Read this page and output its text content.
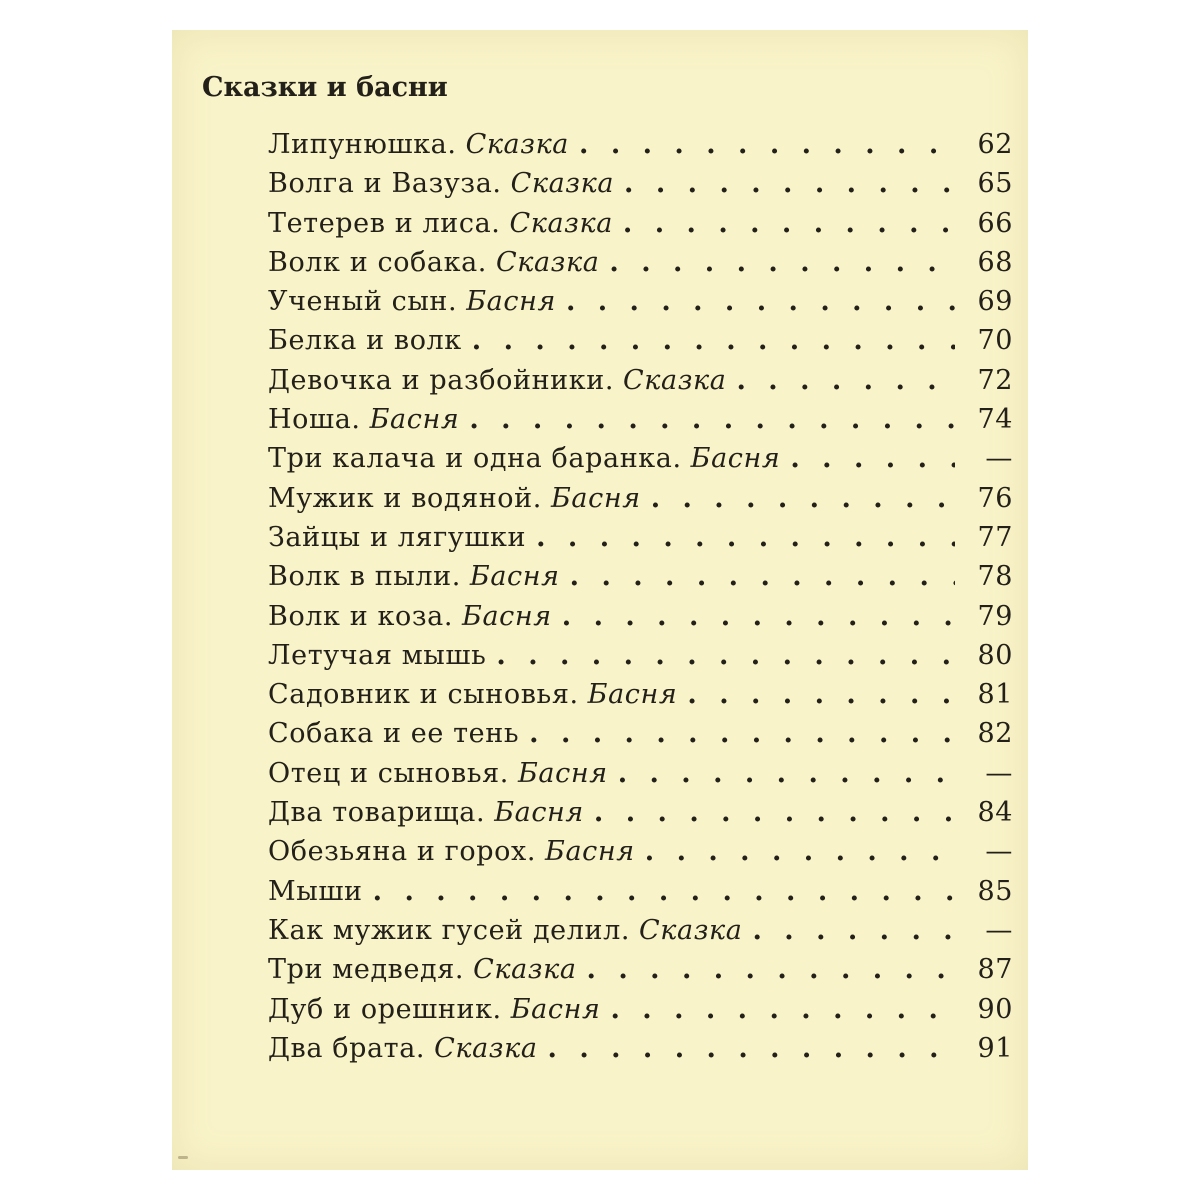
Сказки и басни
Липунюшка. Сказка . . .	62
Волга и Вазуза. Сказка . . .	65
Тетерев и лиса. Сказка . . .	66
Волк и собака. Сказка . . .	68
Ученый сын. Басня . . .	69
Белка и волк . . .	70
Девочка и разбойники. Сказка . . .	72
Ноша. Басня . . .	74
Три калача и одна баранка. Басня . . .	—
Мужик и водяной. Басня . . .	76
Зайцы и лягушки . . .	77
Волк в пыли. Басня . . .	78
Волк и коза. Басня . . .	79
Летучая мышь . . .	80
Садовник и сыновья. Басня . . .	81
Собака и ее тень . . .	82
Отец и сыновья. Басня . . .	—
Два товарища. Басня . . .	84
Обезьяна и горох. Басня . . .	—
Мыши . . .	85
Как мужик гусей делил. Сказка . . .	—
Три медведя. Сказка . . .	87
Дуб и орешник. Басня . . .	90
Два брата. Сказка . . .	91
